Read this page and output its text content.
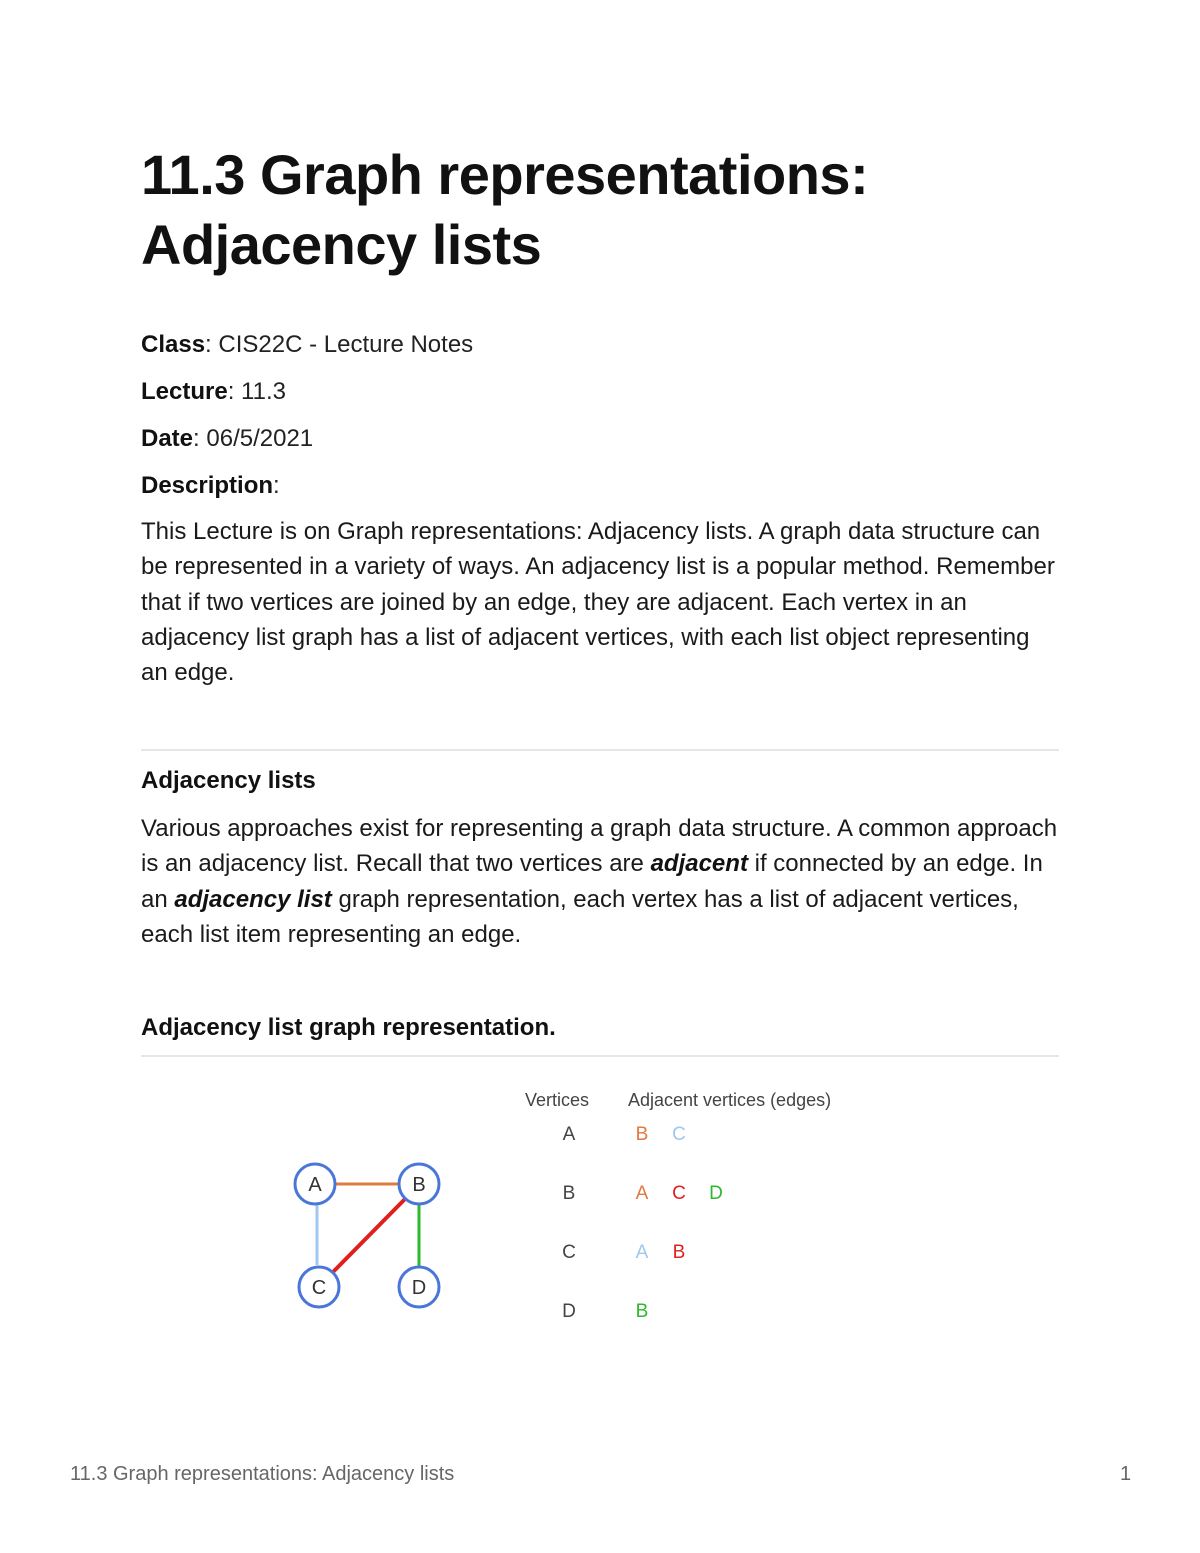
11.3 Graph representations: Adjacency lists
Class: CIS22C - Lecture Notes
Lecture: 11.3
Date: 06/5/2021
Description:

This Lecture is on Graph representations: Adjacency lists. A graph data structure can be represented in a variety of ways. An adjacency list is a popular method. Remember that if two vertices are joined by an edge, they are adjacent. Each vertex in an adjacency list graph has a list of adjacent vertices, with each list object representing an edge.

Adjacency lists

Various approaches exist for representing a graph data structure. A common approach is an adjacency list. Recall that two vertices are adjacent if connected by an edge. In an adjacency list graph representation, each vertex has a list of adjacent vertices, each list item representing an edge.

Adjacency list graph representation.
A	B
C	D
Vertices Adjacent vertices (edges)
A	B C
B	A C D
C	A B
D	B
11.3 Graph representations: Adjacency lists	1
